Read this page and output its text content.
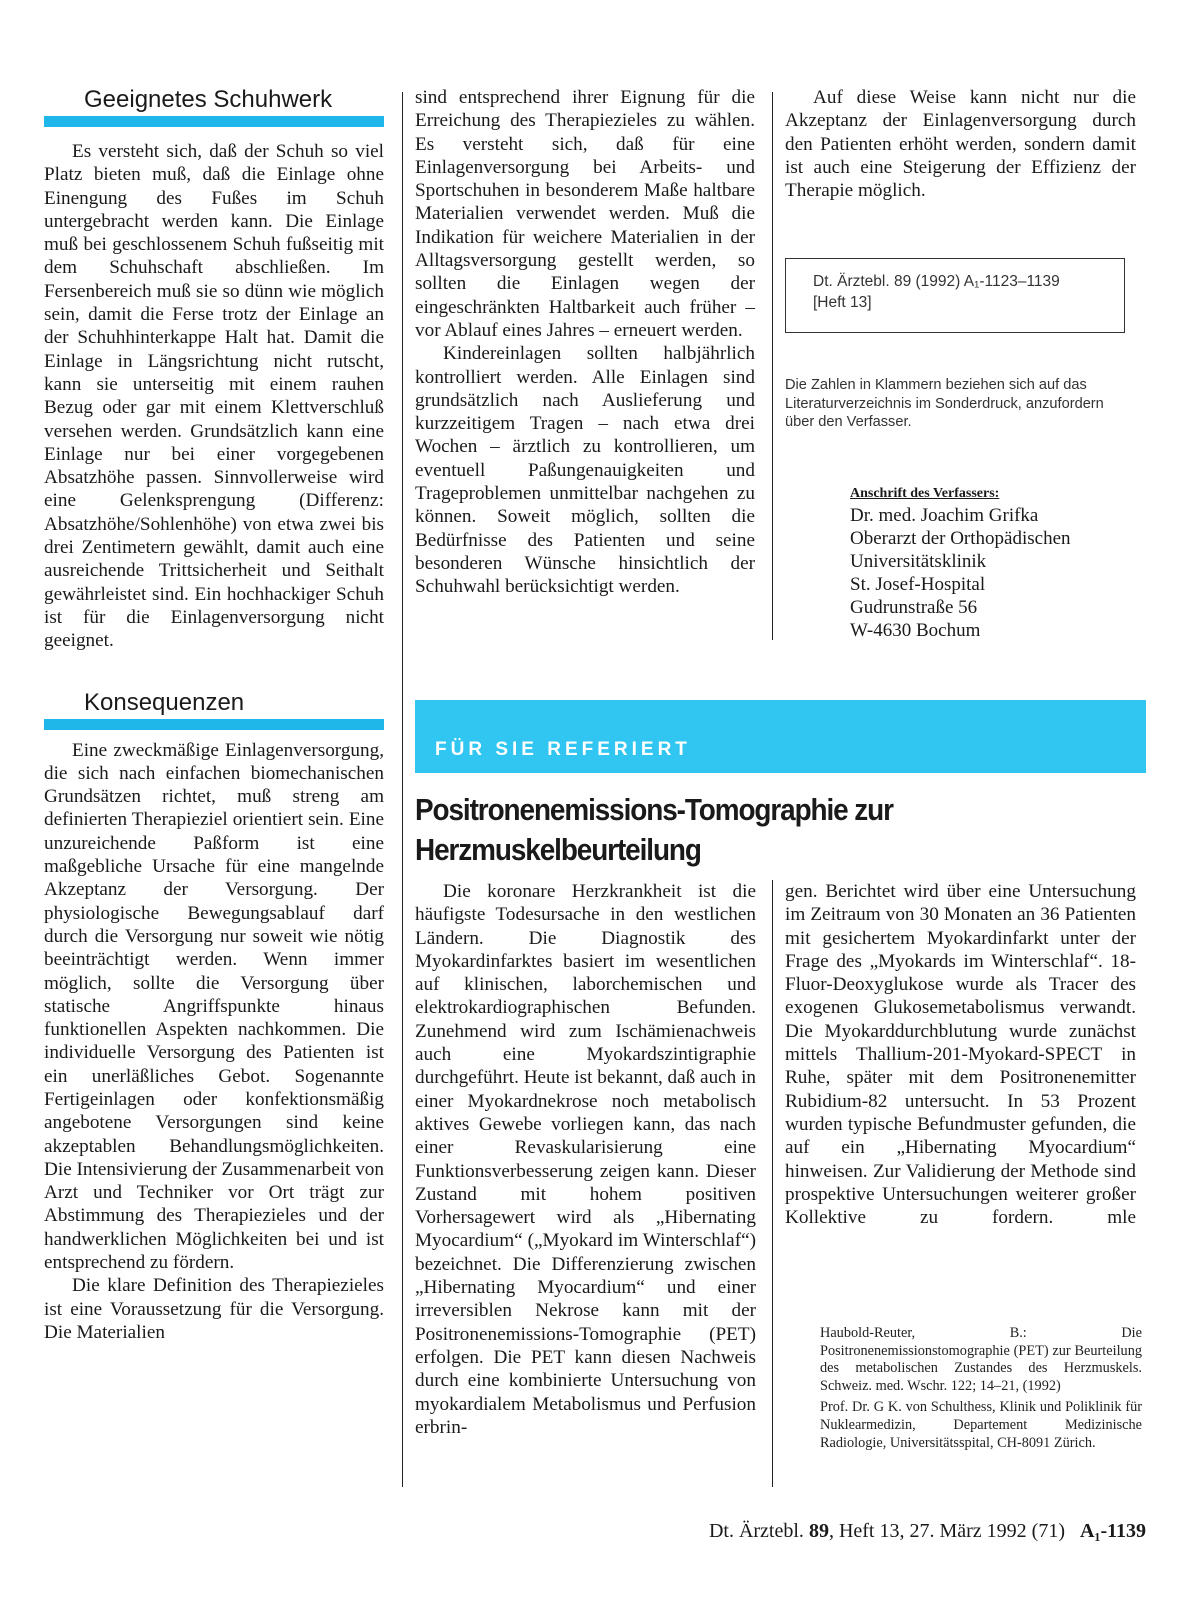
Geeignetes Schuhwerk

Es versteht sich, daß der Schuh so viel Platz bieten muß, daß die Einlage ohne Einengung des Fußes im Schuh untergebracht werden kann. Die Einlage muß bei geschlossenem Schuh fußseitig mit dem Schuhschaft abschließen. Im Fersenbereich muß sie so dünn wie möglich sein, damit die Ferse trotz der Einlage an der Schuhhinterkappe Halt hat. Damit die Einlage in Längsrichtung nicht rutscht, kann sie unterseitig mit einem rauhen Bezug oder gar mit einem Klettverschluß versehen werden. Grundsätzlich kann eine Einlage nur bei einer vorgegebenen Absatzhöhe passen. Sinnvollerweise wird eine Gelenksprengung (Differenz: Absatzhöhe/Sohlenhöhe) von etwa zwei bis drei Zentimetern gewählt, damit auch eine ausreichende Trittsicherheit und Seithalt gewährleistet sind. Ein hochhackiger Schuh ist für die Einlagenversorgung nicht geeignet.

Konsequenzen

Eine zweckmäßige Einlagenversorgung, die sich nach einfachen biomechanischen Grundsätzen richtet, muß streng am definierten Therapieziel orientiert sein. Eine unzureichende Paßform ist eine maßgebliche Ursache für eine mangelnde Akzeptanz der Versorgung. Der physiologische Bewegungsablauf darf durch die Versorgung nur soweit wie nötig beeinträchtigt werden. Wenn immer möglich, sollte die Versorgung über statische Angriffspunkte hinaus funktionellen Aspekten nachkommen. Die individuelle Versorgung des Patienten ist ein unerläßliches Gebot. Sogenannte Fertigeinlagen oder konfektionsmäßig angebotene Versorgungen sind keine akzeptablen Behandlungsmöglichkeiten. Die Intensivierung der Zusammenarbeit von Arzt und Techniker vor Ort trägt zur Abstimmung des Therapiezieles und der handwerklichen Möglichkeiten bei und ist entsprechend zu fördern.

Die klare Definition des Therapiezieles ist eine Voraussetzung für die Versorgung. Die Materialien

sind entsprechend ihrer Eignung für die Erreichung des Therapiezieles zu wählen. Es versteht sich, daß für eine Einlagenversorgung bei Arbeits- und Sportschuhen in besonderem Maße haltbare Materialien verwendet werden. Muß die Indikation für weichere Materialien in der Alltagsversorgung gestellt werden, so sollten die Einlagen wegen der eingeschränkten Haltbarkeit auch früher – vor Ablauf eines Jahres – erneuert werden.

Kindereinlagen sollten halbjährlich kontrolliert werden. Alle Einlagen sind grundsätzlich nach Auslieferung und kurzzeitigem Tragen – nach etwa drei Wochen – ärztlich zu kontrollieren, um eventuell Paßungenauigkeiten und Trageproblemen unmittelbar nachgehen zu können. Soweit möglich, sollten die Bedürfnisse des Patienten und seine besonderen Wünsche hinsichtlich der Schuhwahl berücksichtigt werden.

Auf diese Weise kann nicht nur die Akzeptanz der Einlagenversorgung durch den Patienten erhöht werden, sondern damit ist auch eine Steigerung der Effizienz der Therapie möglich.

Dt. Ärztebl. 89 (1992) A₁-1123–1139
[Heft 13]
Die Zahlen in Klammern beziehen sich auf das Literaturverzeichnis im Sonderdruck, anzufordern über den Verfasser.
Anschrift des Verfassers:
Dr. med. Joachim Grifka
Oberarzt der Orthopädischen
Universitätsklinik
St. Josef-Hospital
Gudrunstraße 56
W-4630 Bochum
FÜR SIE REFERIERT
Positronenemissions-Tomographie zur
Herzmuskelbeurteilung

Die koronare Herzkrankheit ist die häufigste Todesursache in den westlichen Ländern. Die Diagnostik des Myokardinfarktes basiert im wesentlichen auf klinischen, laborchemischen und elektrokardiographischen Befunden. Zunehmend wird zum Ischämienachweis auch eine Myokardszintigraphie durchgeführt. Heute ist bekannt, daß auch in einer Myokardnekrose noch metabolisch aktives Gewebe vorliegen kann, das nach einer Revaskularisierung eine Funktionsverbesserung zeigen kann. Dieser Zustand mit hohem positiven Vorhersagewert wird als „Hibernating Myocardium“ („Myokard im Winterschlaf“) bezeichnet. Die Differenzierung zwischen „Hibernating Myocardium“ und einer irreversiblen Nekrose kann mit der Positronenemissions-Tomographie (PET) erfolgen. Die PET kann diesen Nachweis durch eine kombinierte Untersuchung von myokardialem Metabolismus und Perfusion erbrin-

gen. Berichtet wird über eine Untersuchung im Zeitraum von 30 Monaten an 36 Patienten mit gesichertem Myokardinfarkt unter der Frage des „Myokards im Winterschlaf“. 18-Fluor-Deoxyglukose wurde als Tracer des exogenen Glukosemetabolismus verwandt. Die Myokarddurchblutung wurde zunächst mittels Thallium-201-Myokard-SPECT in Ruhe, später mit dem Positronenemitter Rubidium-82 untersucht. In 53 Prozent wurden typische Befundmuster gefunden, die auf ein „Hibernating Myocardium“ hinweisen. Zur Validierung der Methode sind prospektive Untersuchungen weiterer großer Kollektive zu fordern.	mle

Haubold-Reuter, B.: Die Positronenemissionstomographie (PET) zur Beurteilung des metabolischen Zustandes des Herzmuskels. Schweiz. med. Wschr. 122; 14–21, (1992)

Prof. Dr. G K. von Schulthess, Klinik und Poliklinik für Nuklearmedizin, Departement Medizinische Radiologie, Universitätsspital, CH-8091 Zürich.

Dt. Ärztebl. 89, Heft 13, 27. März 1992 (71) A₁-1139
